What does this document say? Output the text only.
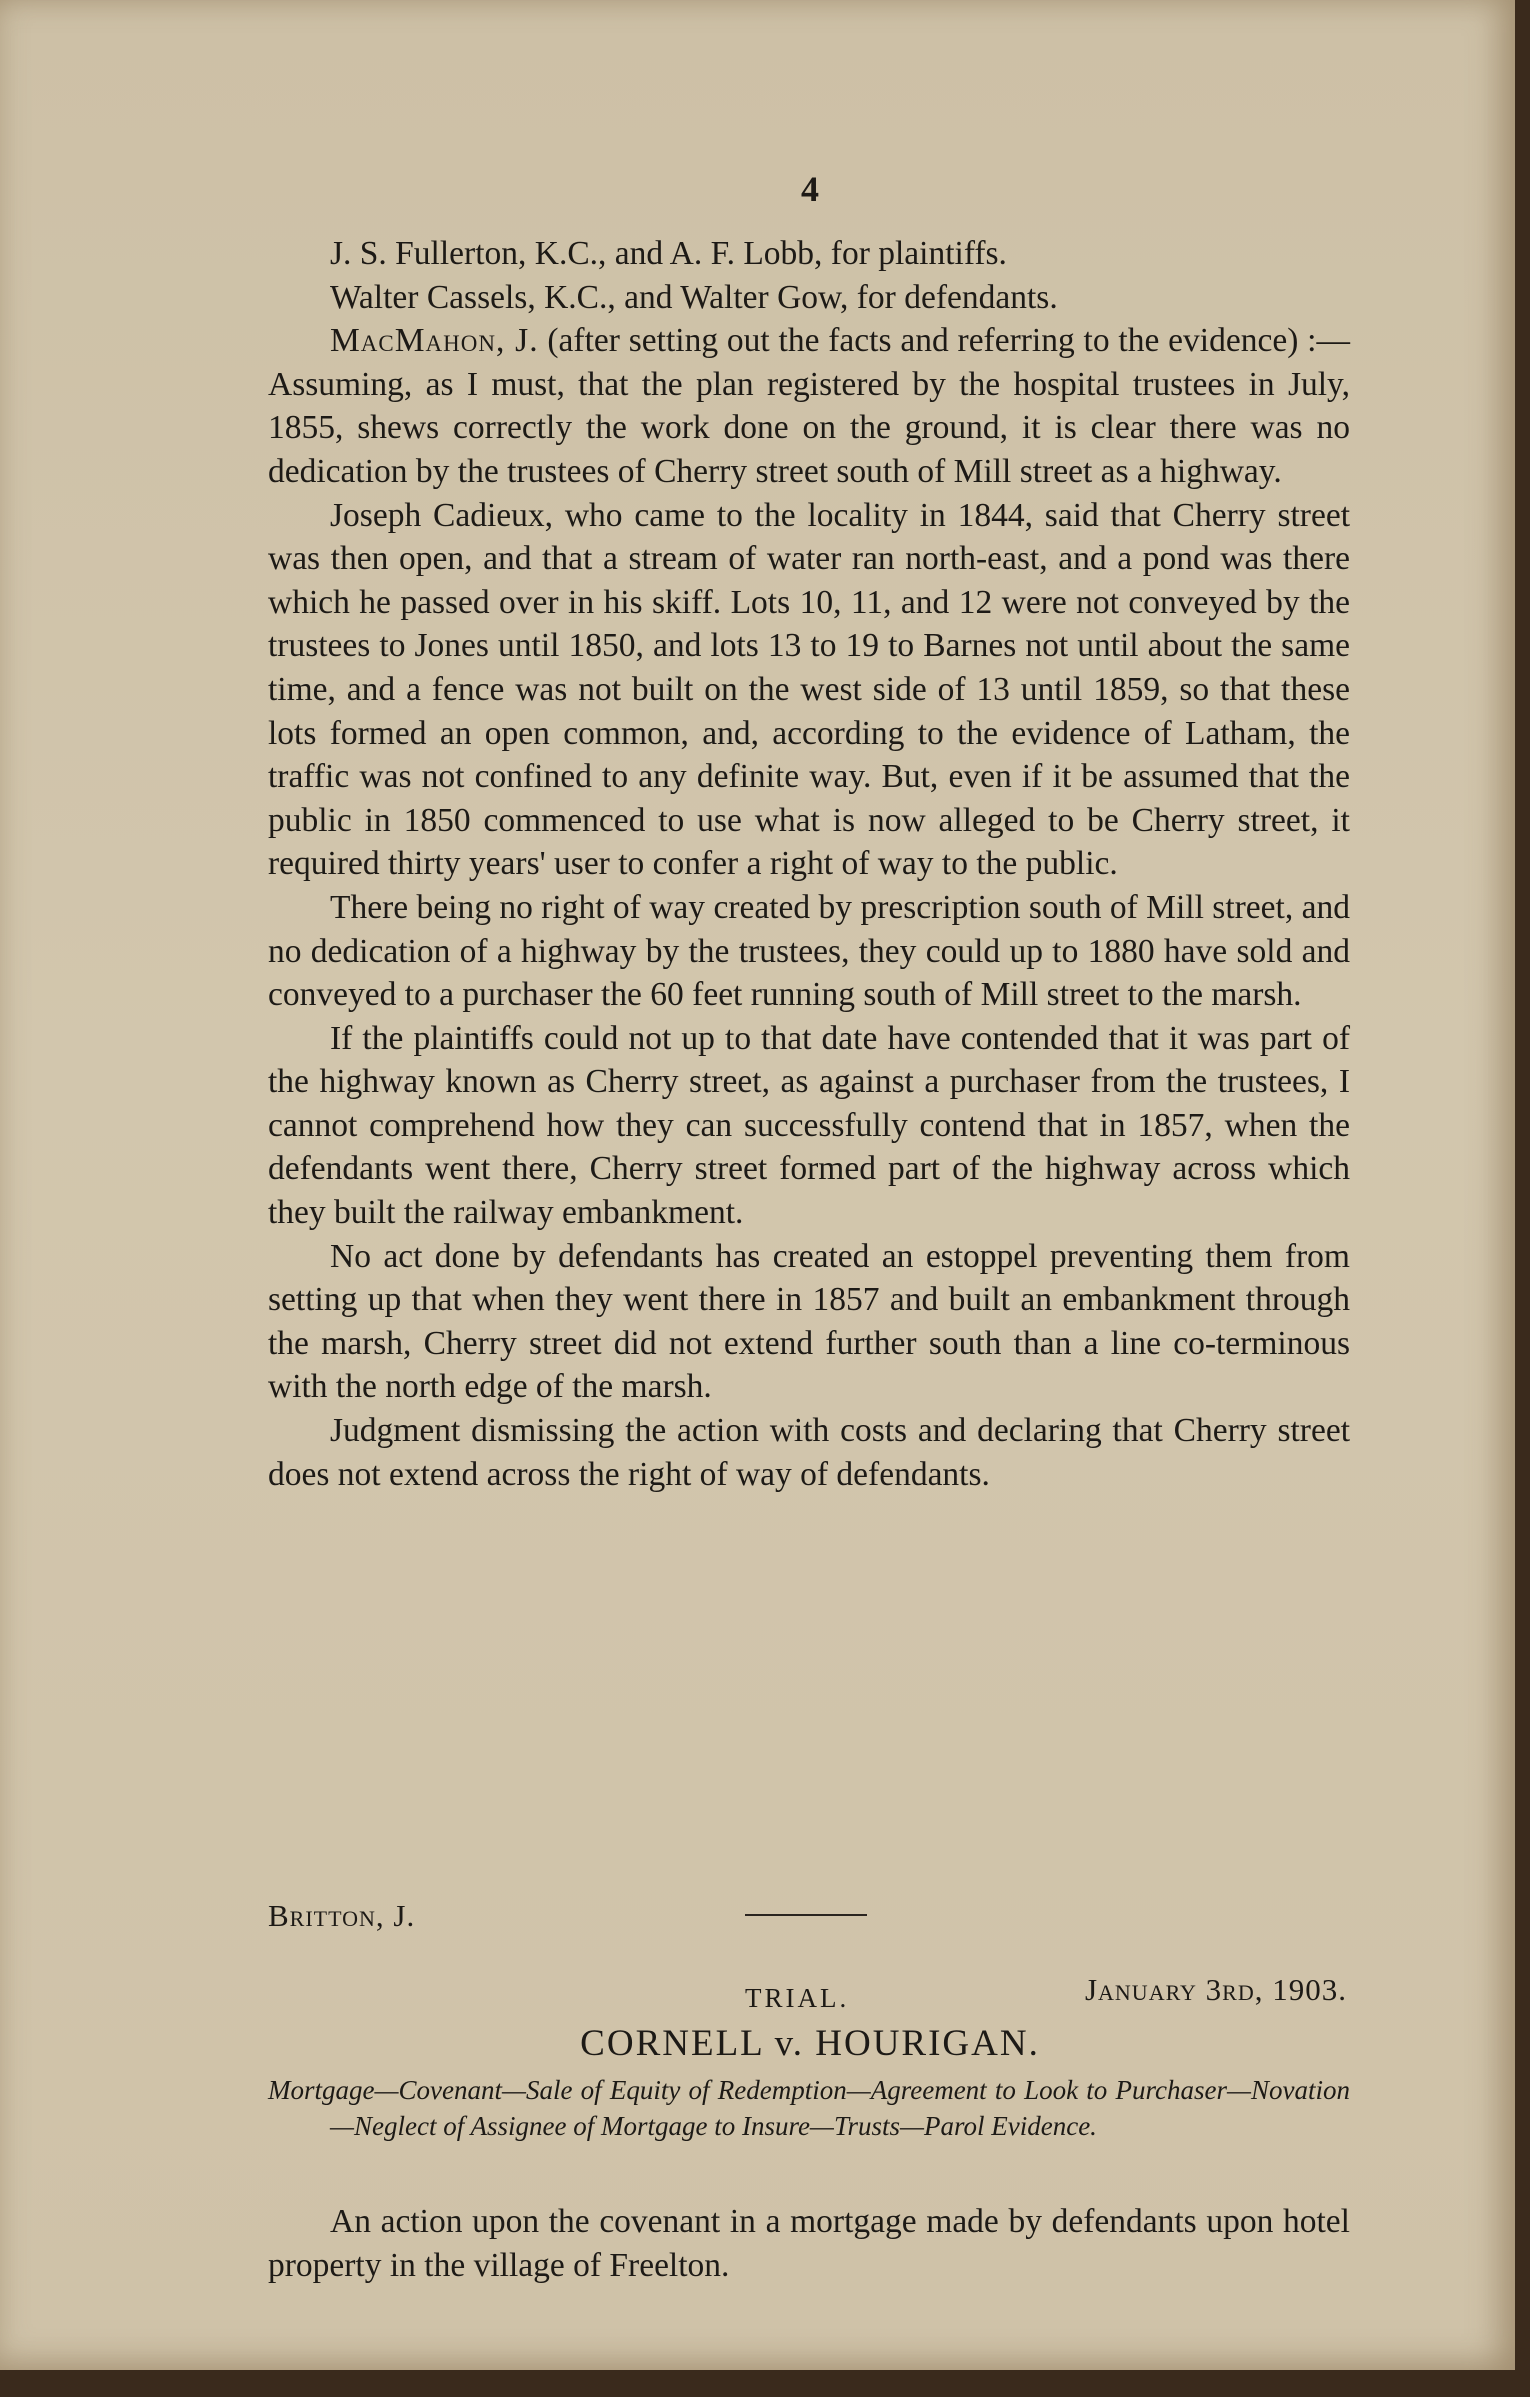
4

J. S. Fullerton, K.C., and A. F. Lobb, for plaintiffs.

Walter Cassels, K.C., and Walter Gow, for defendants.

MacMahon, J. (after setting out the facts and referring to the evidence) :—Assuming, as I must, that the plan registered by the hospital trustees in July, 1855, shews correctly the work done on the ground, it is clear there was no dedication by the trustees of Cherry street south of Mill street as a highway.

Joseph Cadieux, who came to the locality in 1844, said that Cherry street was then open, and that a stream of water ran north-east, and a pond was there which he passed over in his skiff. Lots 10, 11, and 12 were not conveyed by the trustees to Jones until 1850, and lots 13 to 19 to Barnes not until about the same time, and a fence was not built on the west side of 13 until 1859, so that these lots formed an open common, and, according to the evidence of Latham, the traffic was not confined to any definite way. But, even if it be assumed that the public in 1850 commenced to use what is now alleged to be Cherry street, it required thirty years' user to confer a right of way to the public.

There being no right of way created by prescription south of Mill street, and no dedication of a highway by the trustees, they could up to 1880 have sold and conveyed to a purchaser the 60 feet running south of Mill street to the marsh.

If the plaintiffs could not up to that date have contended that it was part of the highway known as Cherry street, as against a purchaser from the trustees, I cannot comprehend how they can successfully contend that in 1857, when the defendants went there, Cherry street formed part of the highway across which they built the railway embankment.

No act done by defendants has created an estoppel preventing them from setting up that when they went there in 1857 and built an embankment through the marsh, Cherry street did not extend further south than a line co-terminous with the north edge of the marsh.

Judgment dismissing the action with costs and declaring that Cherry street does not extend across the right of way of defendants.

Britton, J.
January 3rd, 1903.
TRIAL.
CORNELL v. HOURIGAN.

Mortgage—Covenant—Sale of Equity of Redemption—Agreement to Look to Purchaser—Novation—Neglect of Assignee of Mortgage to Insure—Trusts—Parol Evidence.

An action upon the covenant in a mortgage made by defendants upon hotel property in the village of Freelton.
